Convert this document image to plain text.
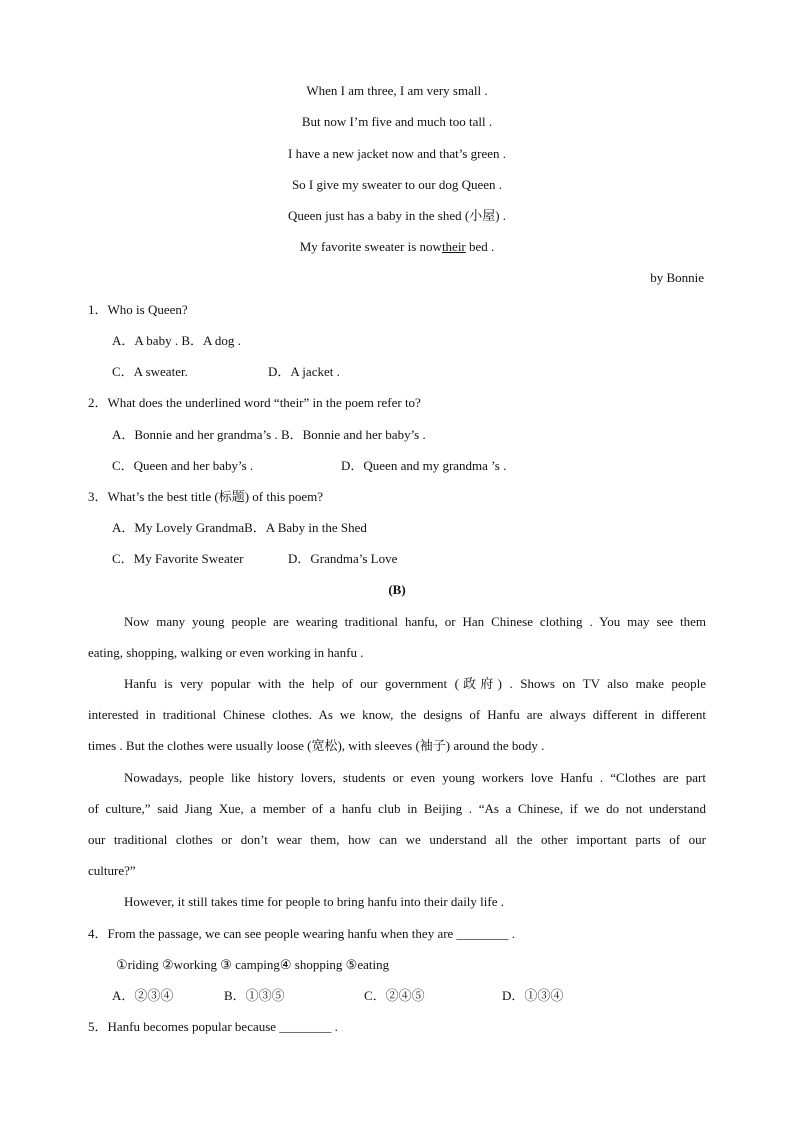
When I am three, I am very small .
But now I’m five and much too tall .
I have a new jacket now and that’s green .
So I give my sweater to our dog Queen .
Queen just has a baby in the shed (小屋) .
My favorite sweater is nowtheir bed .
by Bonnie
1．Who is Queen?
A．A baby . B．A dog .
C．A sweater.	D．A jacket .
2．What does the underlined word “their” in the poem refer to?
A．Bonnie and her grandma’s . B．Bonnie and her baby’s .
C．Queen and her baby’s .	D．Queen and my grandma ’s .
3．What’s the best title (标题) of this poem?
A．My Lovely GrandmaB．A Baby in the Shed
C．My Favorite Sweater	D．Grandma’s Love
(B)
Now many young people are wearing traditional hanfu, or Han Chinese clothing . You may see them
eating, shopping, walking or even working in hanfu .
Hanfu is very popular with the help of our government (政府) . Shows on TV also make people
interested in traditional Chinese clothes. As we know, the designs of Hanfu are always different in different
times . But the clothes were usually loose (宽松), with sleeves (袖子) around the body .
Nowadays, people like history lovers, students or even young workers love Hanfu . “Clothes are part
of culture,” said Jiang Xue, a member of a hanfu club in Beijing . “As a Chinese, if we do not understand
our traditional clothes or don’t wear them, how can we understand all the other important parts of our
culture?”
However, it still takes time for people to bring hanfu into their daily life .
4．From the passage, we can see people wearing hanfu when they are ________ .
①riding ②working ③ camping④ shopping ⑤eating
A．②③④	B．①③⑤	C．②④⑤	D．①③④
5．Hanfu becomes popular because ________ .
